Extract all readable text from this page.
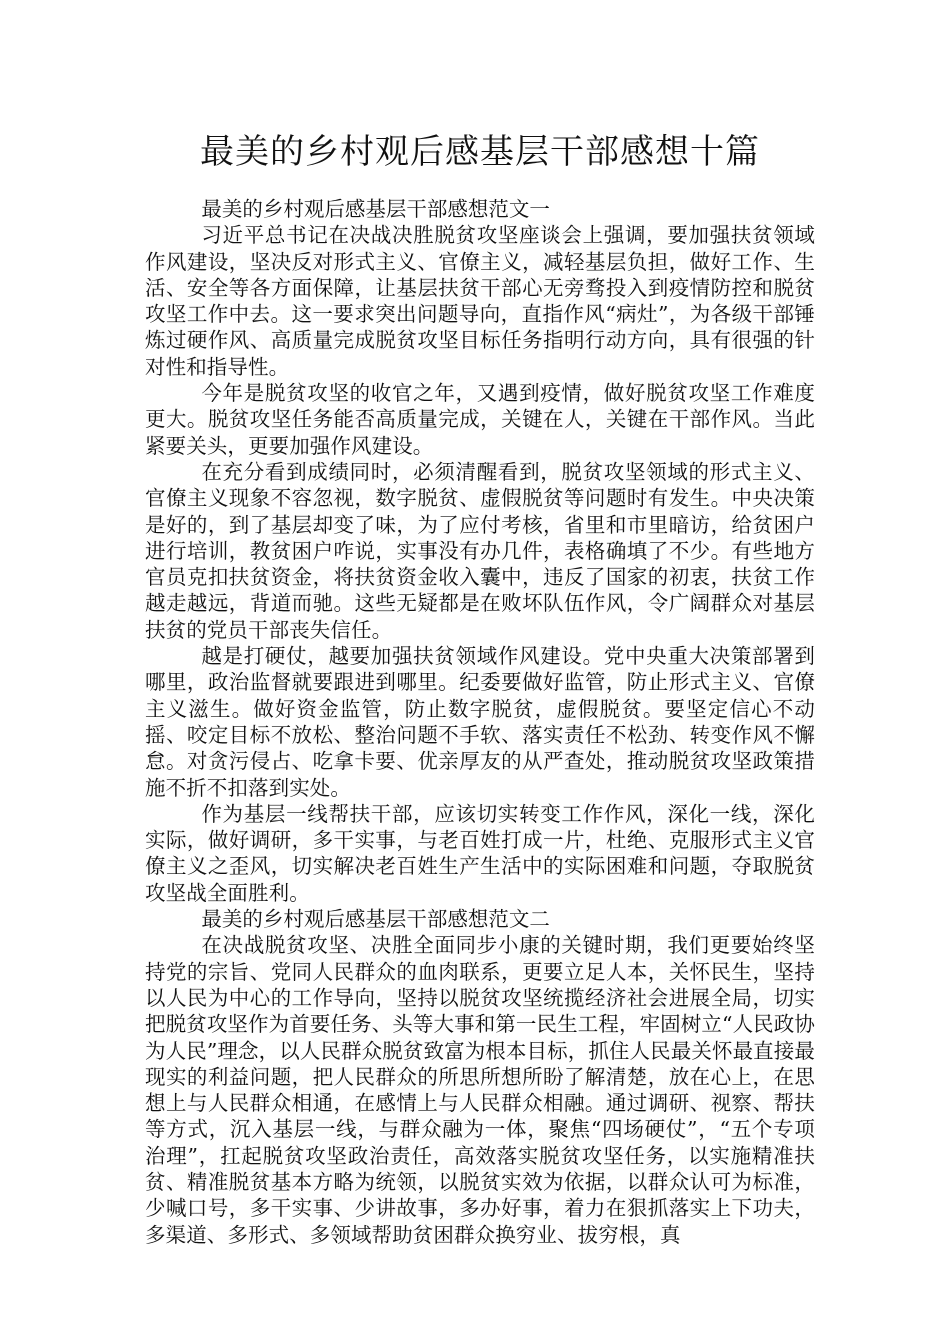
最美的乡村观后感基层干部感想十篇

最美的乡村观后感基层干部感想范文一

习近平总书记在决战决胜脱贫攻坚座谈会上强调，要加强扶贫领域作风建设，坚决反对形式主义、官僚主义，减轻基层负担，做好工作、生活、安全等各方面保障，让基层扶贫干部心无旁骛投入到疫情防控和脱贫攻坚工作中去。这一要求突出问题导向，直指作风“病灶”，为各级干部锤炼过硬作风、高质量完成脱贫攻坚目标任务指明行动方向，具有很强的针对性和指导性。

今年是脱贫攻坚的收官之年，又遇到疫情，做好脱贫攻坚工作难度更大。脱贫攻坚任务能否高质量完成，关键在人，关键在干部作风。当此紧要关头，更要加强作风建设。

在充分看到成绩同时，必须清醒看到，脱贫攻坚领域的形式主义、官僚主义现象不容忽视，数字脱贫、虚假脱贫等问题时有发生。中央决策是好的，到了基层却变了味，为了应付考核，省里和市里暗访，给贫困户进行培训，教贫困户咋说，实事没有办几件，表格确填了不少。有些地方官员克扣扶贫资金，将扶贫资金收入囊中，违反了国家的初衷，扶贫工作越走越远，背道而驰。这些无疑都是在败坏队伍作风，令广阔群众对基层扶贫的党员干部丧失信任。

越是打硬仗，越要加强扶贫领域作风建设。党中央重大决策部署到哪里，政治监督就要跟进到哪里。纪委要做好监管，防止形式主义、官僚主义滋生。做好资金监管，防止数字脱贫，虚假脱贫。要坚定信心不动摇、咬定目标不放松、整治问题不手软、落实责任不松劲、转变作风不懈怠。对贪污侵占、吃拿卡要、优亲厚友的从严查处，推动脱贫攻坚政策措施不折不扣落到实处。

作为基层一线帮扶干部，应该切实转变工作作风，深化一线，深化实际，做好调研，多干实事，与老百姓打成一片，杜绝、克服形式主义官僚主义之歪风，切实解决老百姓生产生活中的实际困难和问题，夺取脱贫攻坚战全面胜利。

最美的乡村观后感基层干部感想范文二

在决战脱贫攻坚、决胜全面同步小康的关键时期，我们更要始终坚持党的宗旨、党同人民群众的血肉联系，更要立足人本，关怀民生，坚持以人民为中心的工作导向，坚持以脱贫攻坚统揽经济社会进展全局，切实把脱贫攻坚作为首要任务、头等大事和第一民生工程，牢固树立“人民政协为人民”理念，以人民群众脱贫致富为根本目标，抓住人民最关怀最直接最现实的利益问题，把人民群众的所思所想所盼了解清楚，放在心上，在思想上与人民群众相通，在感情上与人民群众相融。通过调研、视察、帮扶等方式，沉入基层一线，与群众融为一体，聚焦“四场硬仗”，“五个专项治理”，扛起脱贫攻坚政治责任，高效落实脱贫攻坚任务，以实施精准扶贫、精准脱贫基本方略为统领，以脱贫实效为依据，以群众认可为标准，少喊口号，多干实事、少讲故事，多办好事，着力在狠抓落实上下功夫，多渠道、多形式、多领域帮助贫困群众换穷业、拔穷根，真
